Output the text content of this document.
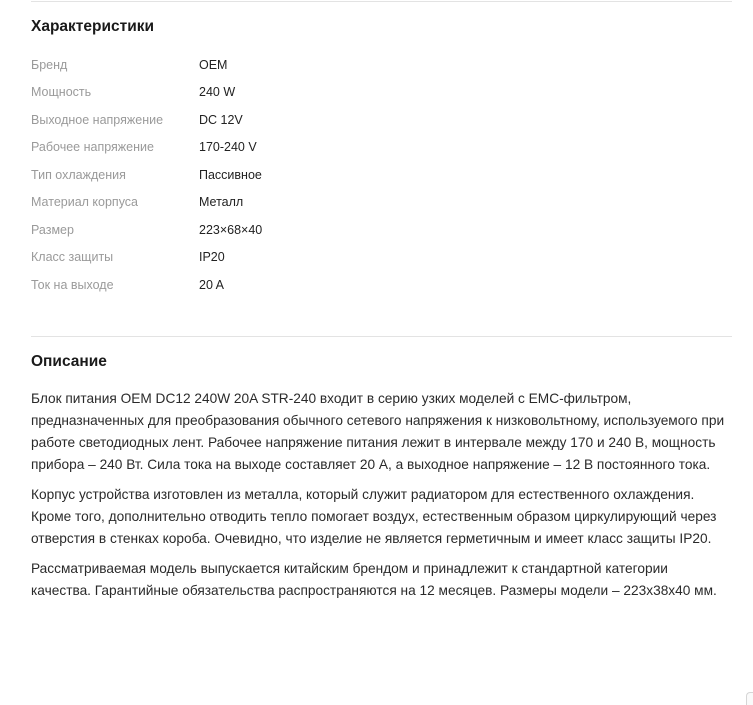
Характеристики
Бренд	OEM
Мощность	240 W
Выходное напряжение	DC 12V
Рабочее напряжение	170-240 V
Тип охлаждения	Пассивное
Материал корпуса	Металл
Размер	223×68×40
Класс защиты	IP20
Ток на выходе	20 A
Описание

Блок питания OEM DC12 240W 20A STR-240 входит в серию узких моделей с EMC-фильтром, предназначенных для преобразования обычного сетевого напряжения к низковольтному, используемого при работе светодиодных лент. Рабочее напряжение питания лежит в интервале между 170 и 240 В, мощность прибора – 240 Вт. Сила тока на выходе составляет 20 А, а выходное напряжение – 12 В постоянного тока.

Корпус устройства изготовлен из металла, который служит радиатором для естественного охлаждения. Кроме того, дополнительно отводить тепло помогает воздух, естественным образом циркулирующий через отверстия в стенках короба. Очевидно, что изделие не является герметичным и имеет класс защиты IP20.

Рассматриваемая модель выпускается китайским брендом и принадлежит к стандартной категории качества. Гарантийные обязательства распространяются на 12 месяцев. Размеры модели – 223x38x40 мм.
